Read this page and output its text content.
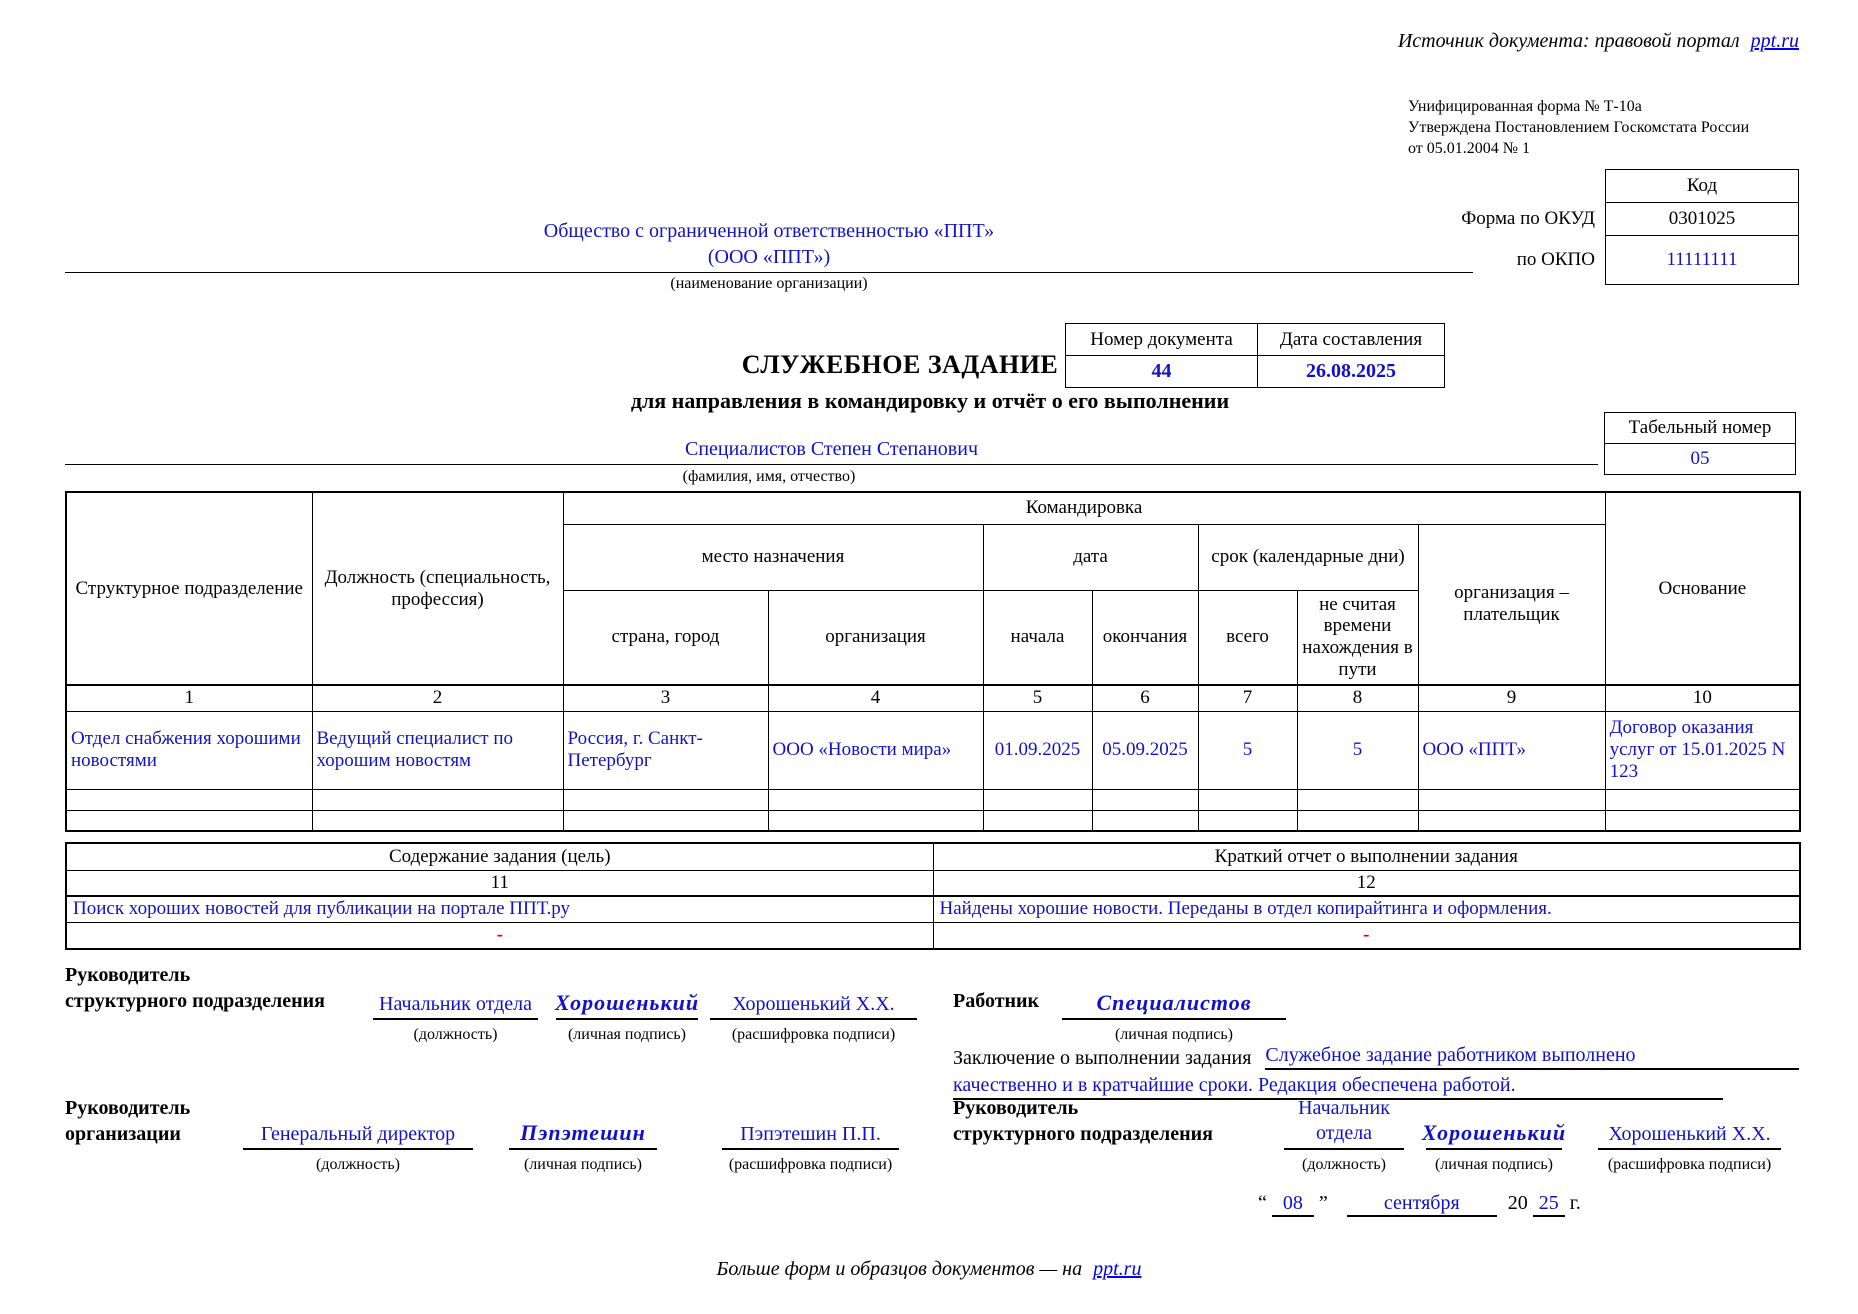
Источник документа: правовой портал ppt.ru
Унифицированная форма № Т-10а
Утверждена Постановлением Госкомстата России
от 05.01.2004 № 1
	Код
Форма по ОКУД	0301025
по ОКПО	11111111
Общество с ограниченной ответственностью «ППТ»
(ООО «ППТ»)
(наименование организации)
Номер документа	Дата составления
44	26.08.2025
СЛУЖЕБНОЕ ЗАДАНИЕ
для направления в командировку и отчёт о его выполнении
Табельный номер
05
Специалистов Степен Степанович
(фамилия, имя, отчество)
Структурное подразделение	Должность (специальность, профессия)	Командировка							Основание
		место назначения		дата		срок (календарные дни)		организация – плательщик	
		страна, город	организация	начала	окончания	всего	не считая времени нахождения в пути		
1	2	3	4	5	6	7	8	9	10
Отдел снабжения хорошими новостями	Ведущий специалист по хорошим новостям	Россия, г. Санкт-Петербург	ООО «Новости мира»	01.09.2025	05.09.2025	5	5	ООО «ППТ»	Договор оказания услуг от 15.01.2025 N 123

Содержание задания (цель)	Краткий отчет о выполнении задания
11	12
Поиск хороших новостей для публикации на портале ППТ.ру	Найдены хорошие новости. Переданы в отдел копирайтинга и оформления.
-	-
Руководитель
структурного подразделения	Начальник отдела
(должность)
Хорошенький
(личная подпись)
Хорошенький Х.Х.
(расшифровка подписи)
Работник	Специалистов
(личная подпись)
Заключение о выполнении задания Служебное задание работником выполнено
качественно и в кратчайшие сроки. Редакция обеспечена работой.
Руководитель
организации	Генеральный директор
(должность)
Пэпэтешин
(личная подпись)
Пэпэтешин П.П.
(расшифровка подписи)
Руководитель
структурного подразделения
Начальник
отдела
(должность)
Хорошенький
(личная подпись)
Хорошенький Х.Х.
(расшифровка подписи)
“ 08 ”	сентября 20 25 г.
Больше форм и образцов документов — на ppt.ru
